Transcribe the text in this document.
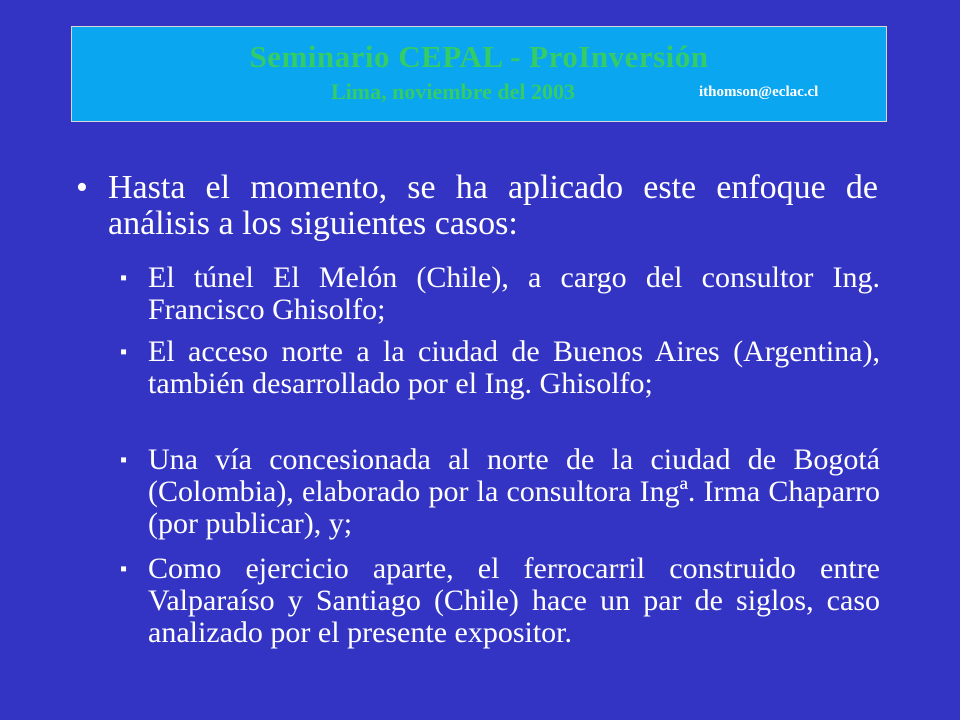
Seminario CEPAL - ProInversión
Lima, noviembre del 2003	ithomson@eclac.cl
• Hasta el momento, se ha aplicado este enfoque de análisis a los siguientes casos:
▪ El túnel El Melón (Chile), a cargo del consultor Ing. Francisco Ghisolfo;
▪ El acceso norte a la ciudad de Buenos Aires (Argentina), también desarrollado por el Ing. Ghisolfo;
▪ Una vía concesionada al norte de la ciudad de Bogotá (Colombia), elaborado por la consultora Ingª. Irma Chaparro (por publicar), y;
▪ Como ejercicio aparte, el ferrocarril construido entre Valparaíso y Santiago (Chile) hace un par de siglos, caso analizado por el presente expositor.
